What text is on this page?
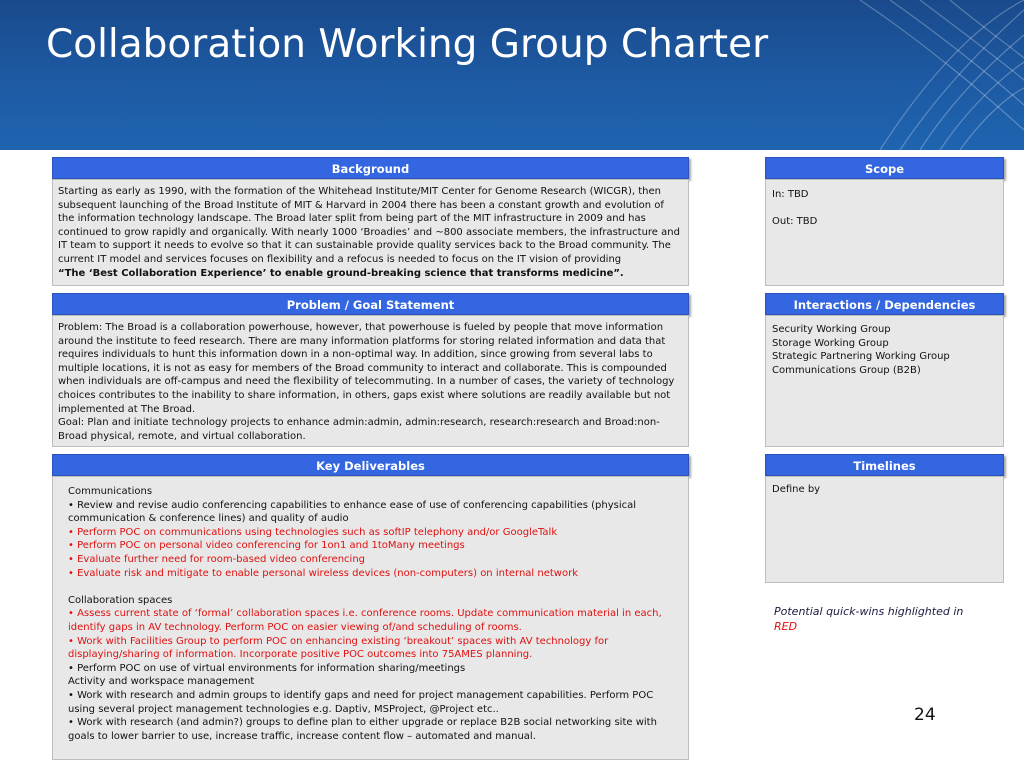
Collaboration Working Group Charter
Background

Starting as early as 1990, with the formation of the Whitehead Institute/MIT Center for Genome Research (WICGR), then subsequent launching of the Broad Institute of MIT & Harvard in 2004 there has been a constant growth and evolution of the information technology landscape. The Broad later split from being part of the MIT infrastructure in 2009 and has continued to grow rapidly and organically. With nearly 1000 ‘Broadies’ and ~800 associate members, the infrastructure and IT team to support it needs to evolve so that it can sustainable provide quality services back to the Broad community. The current IT model and services focuses on flexibility and a refocus is needed to focus on the IT vision of providing

“The ‘Best Collaboration Experience’ to enable ground-breaking science that transforms medicine”.

Scope

In: TBD

Out: TBD

Problem / Goal Statement

Problem: The Broad is a collaboration powerhouse, however, that powerhouse is fueled by people that move information around the institute to feed research. There are many information platforms for storing related information and data that requires individuals to hunt this information down in a non-optimal way. In addition, since growing from several labs to multiple locations, it is not as easy for members of the Broad community to interact and collaborate. This is compounded when individuals are off-campus and need the flexibility of telecommuting. In a number of cases, the variety of technology choices contributes to the inability to share information, in others, gaps exist where solutions are readily available but not implemented at The Broad.

Goal: Plan and initiate technology projects to enhance admin:admin, admin:research, research:research and Broad:non-Broad physical, remote, and virtual collaboration.

Interactions / Dependencies

Security Working Group

Storage Working Group

Strategic Partnering Working Group

Communications Group (B2B)

Key Deliverables

Communications

• Review and revise audio conferencing capabilities to enhance ease of use of conferencing capabilities (physical communication & conference lines) and quality of audio

• Perform POC on communications using technologies such as softIP telephony and/or GoogleTalk

• Perform POC on personal video conferencing for 1on1 and 1toMany meetings

• Evaluate further need for room-based video conferencing

• Evaluate risk and mitigate to enable personal wireless devices (non-computers) on internal network

Collaboration spaces

• Assess current state of ‘formal’ collaboration spaces i.e. conference rooms. Update communication material in each, identify gaps in AV technology. Perform POC on easier viewing of/and scheduling of rooms.

• Work with Facilities Group to perform POC on enhancing existing ‘breakout’ spaces with AV technology for displaying/sharing of information. Incorporate positive POC outcomes into 75AMES planning.

• Perform POC on use of virtual environments for information sharing/meetings

Activity and workspace management

• Work with research and admin groups to identify gaps and need for project management capabilities. Perform POC using several project management technologies e.g. Daptiv, MSProject, @Project etc..

• Work with research (and admin?) groups to define plan to either upgrade or replace B2B social networking site with goals to lower barrier to use, increase traffic, increase content flow – automated and manual.

Timelines

Define by

Potential quick-wins highlighted in
RED
24
